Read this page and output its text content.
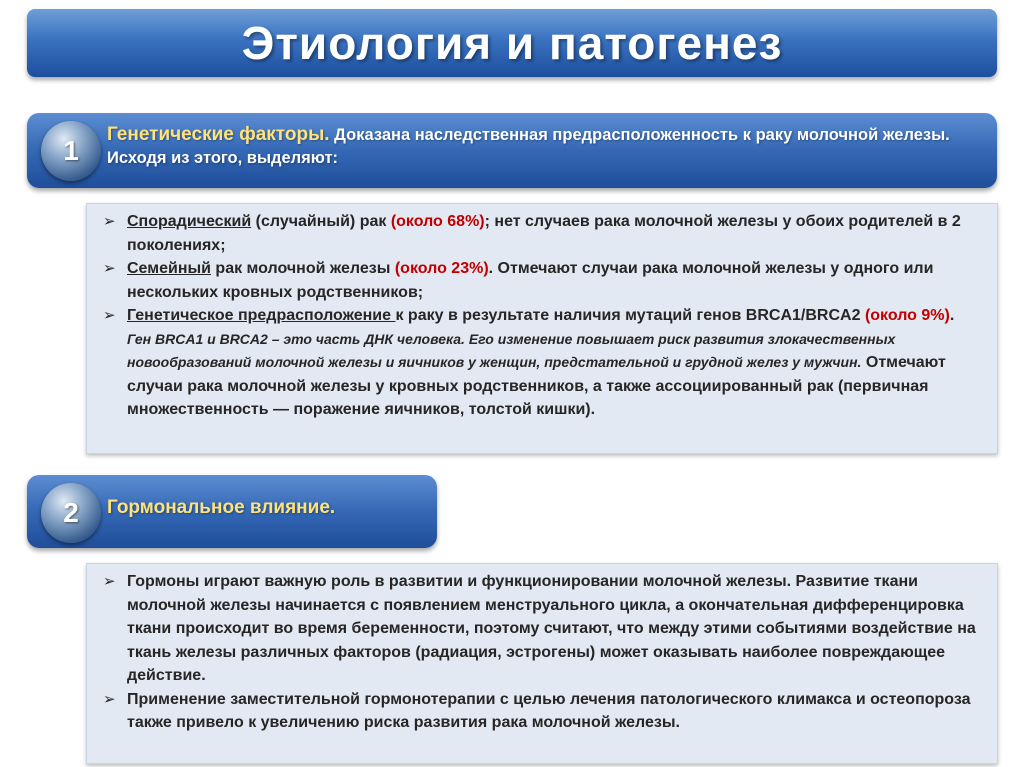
Этиология и патогенез
1
Генетические факторы. Доказана наследственная предрасположенность к раку молочной железы. Исходя из этого, выделяют:
➢ Спорадический (случайный) рак (около 68%); нет случаев рака молочной железы у обоих родителей в 2 поколениях;
➢ Семейный рак молочной железы (около 23%). Отмечают случаи рака молочной железы у одного или нескольких кровных родственников;
➢ Генетическое предрасположение к раку в результате наличия мутаций генов BRCA1/BRCA2 (около 9%). Ген BRCA1 и BRCA2 – это часть ДНК человека. Его изменение повышает риск развития злокачественных новообразований молочной железы и яичников у женщин, предстательной и грудной желез у мужчин. Отмечают случаи рака молочной железы у кровных родственников, а также ассоциированный рак (первичная множественность — поражение яичников, толстой кишки).
2 Гормональное влияние.
➢ Гормоны играют важную роль в развитии и функционировании молочной железы. Развитие ткани молочной железы начинается с появлением менструального цикла, а окончательная дифференцировка ткани происходит во время беременности, поэтому считают, что между этими событиями воздействие на ткань железы различных факторов (радиация, эстрогены) может оказывать наиболее повреждающее действие.
➢ Применение заместительной гормонотерапии с целью лечения патологического климакса и остеопороза также привело к увеличению риска развития рака молочной железы.
